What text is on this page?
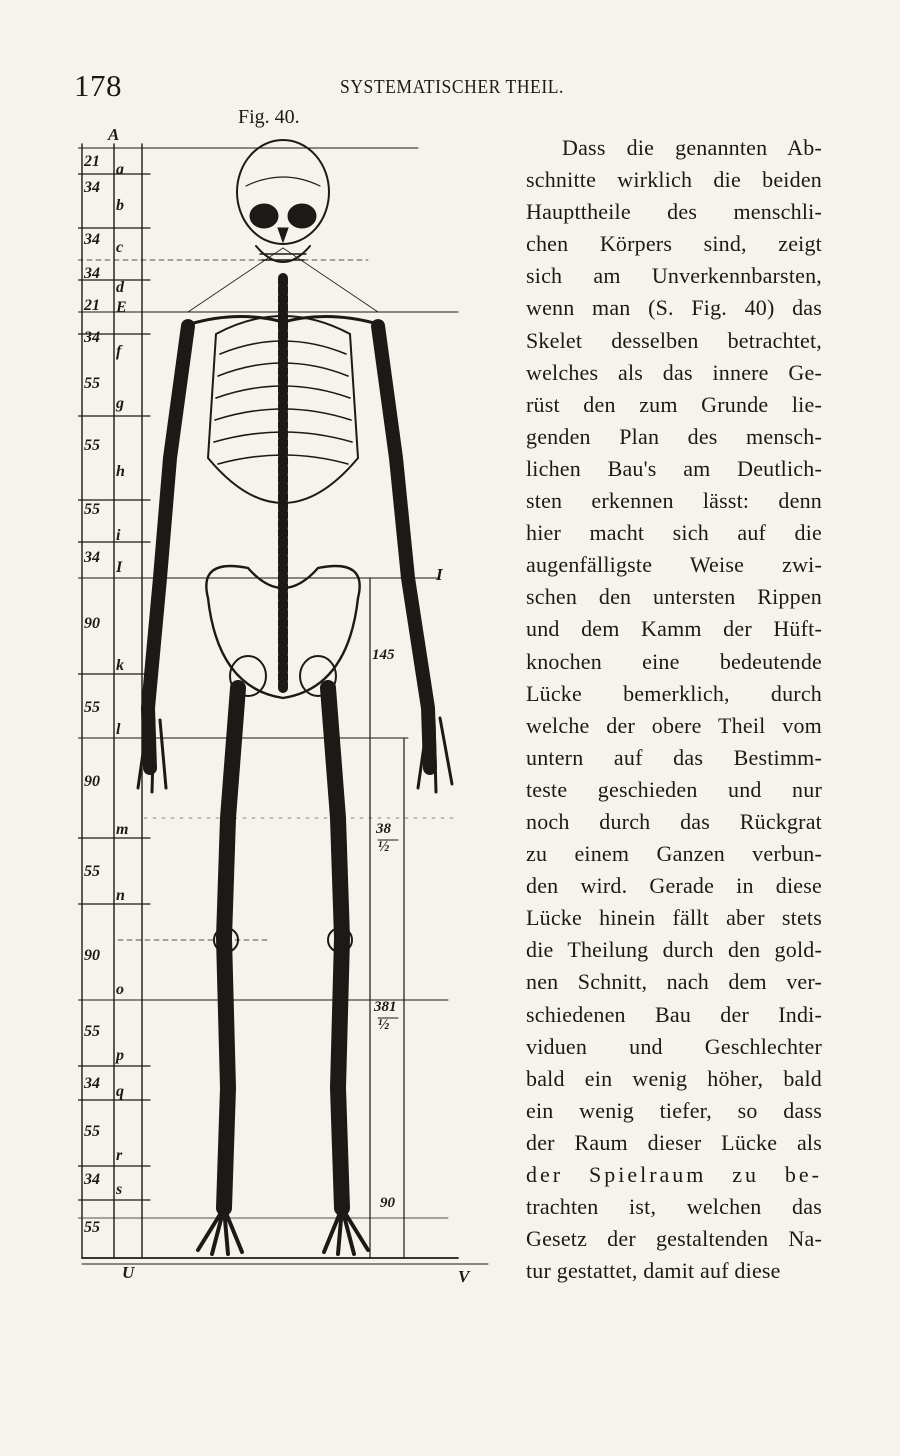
178	SYSTEMATISCHER THEIL.
Fig. 40.
A
U	V
I
21
34
34
34
21
34
55
55
55
34
90
55
90
55
90
55
34
55
34
55
a
b
c
d
E
f
g
h
i
I
k
l
m
n
o
p
q
r
s
145
38
½
381
½
90
Dass die genannten Ab-
schnitte wirklich die beiden
Haupttheile des menschli-
chen Körpers sind, zeigt
sich am Unverkennbarsten,
wenn man (S. Fig. 40) das
Skelet desselben betrachtet,
welches als das innere Ge-
rüst den zum Grunde lie-
genden Plan des mensch-
lichen Bau's am Deutlich-
sten erkennen lässt: denn
hier macht sich auf die
augenfälligste Weise zwi-
schen den untersten Rippen
und dem Kamm der Hüft-
knochen eine bedeutende
Lücke bemerklich, durch
welche der obere Theil vom
untern auf das Bestimm-
teste geschieden und nur
noch durch das Rückgrat
zu einem Ganzen verbun-
den wird. Gerade in diese
Lücke hinein fällt aber stets
die Theilung durch den gold-
nen Schnitt, nach dem ver-
schiedenen Bau der Indi-
viduen und Geschlechter
bald ein wenig höher, bald
ein wenig tiefer, so dass
der Raum dieser Lücke als
der Spielraum zu be-
trachten ist, welchen das
Gesetz der gestaltenden Na-
tur gestattet, damit auf diese
